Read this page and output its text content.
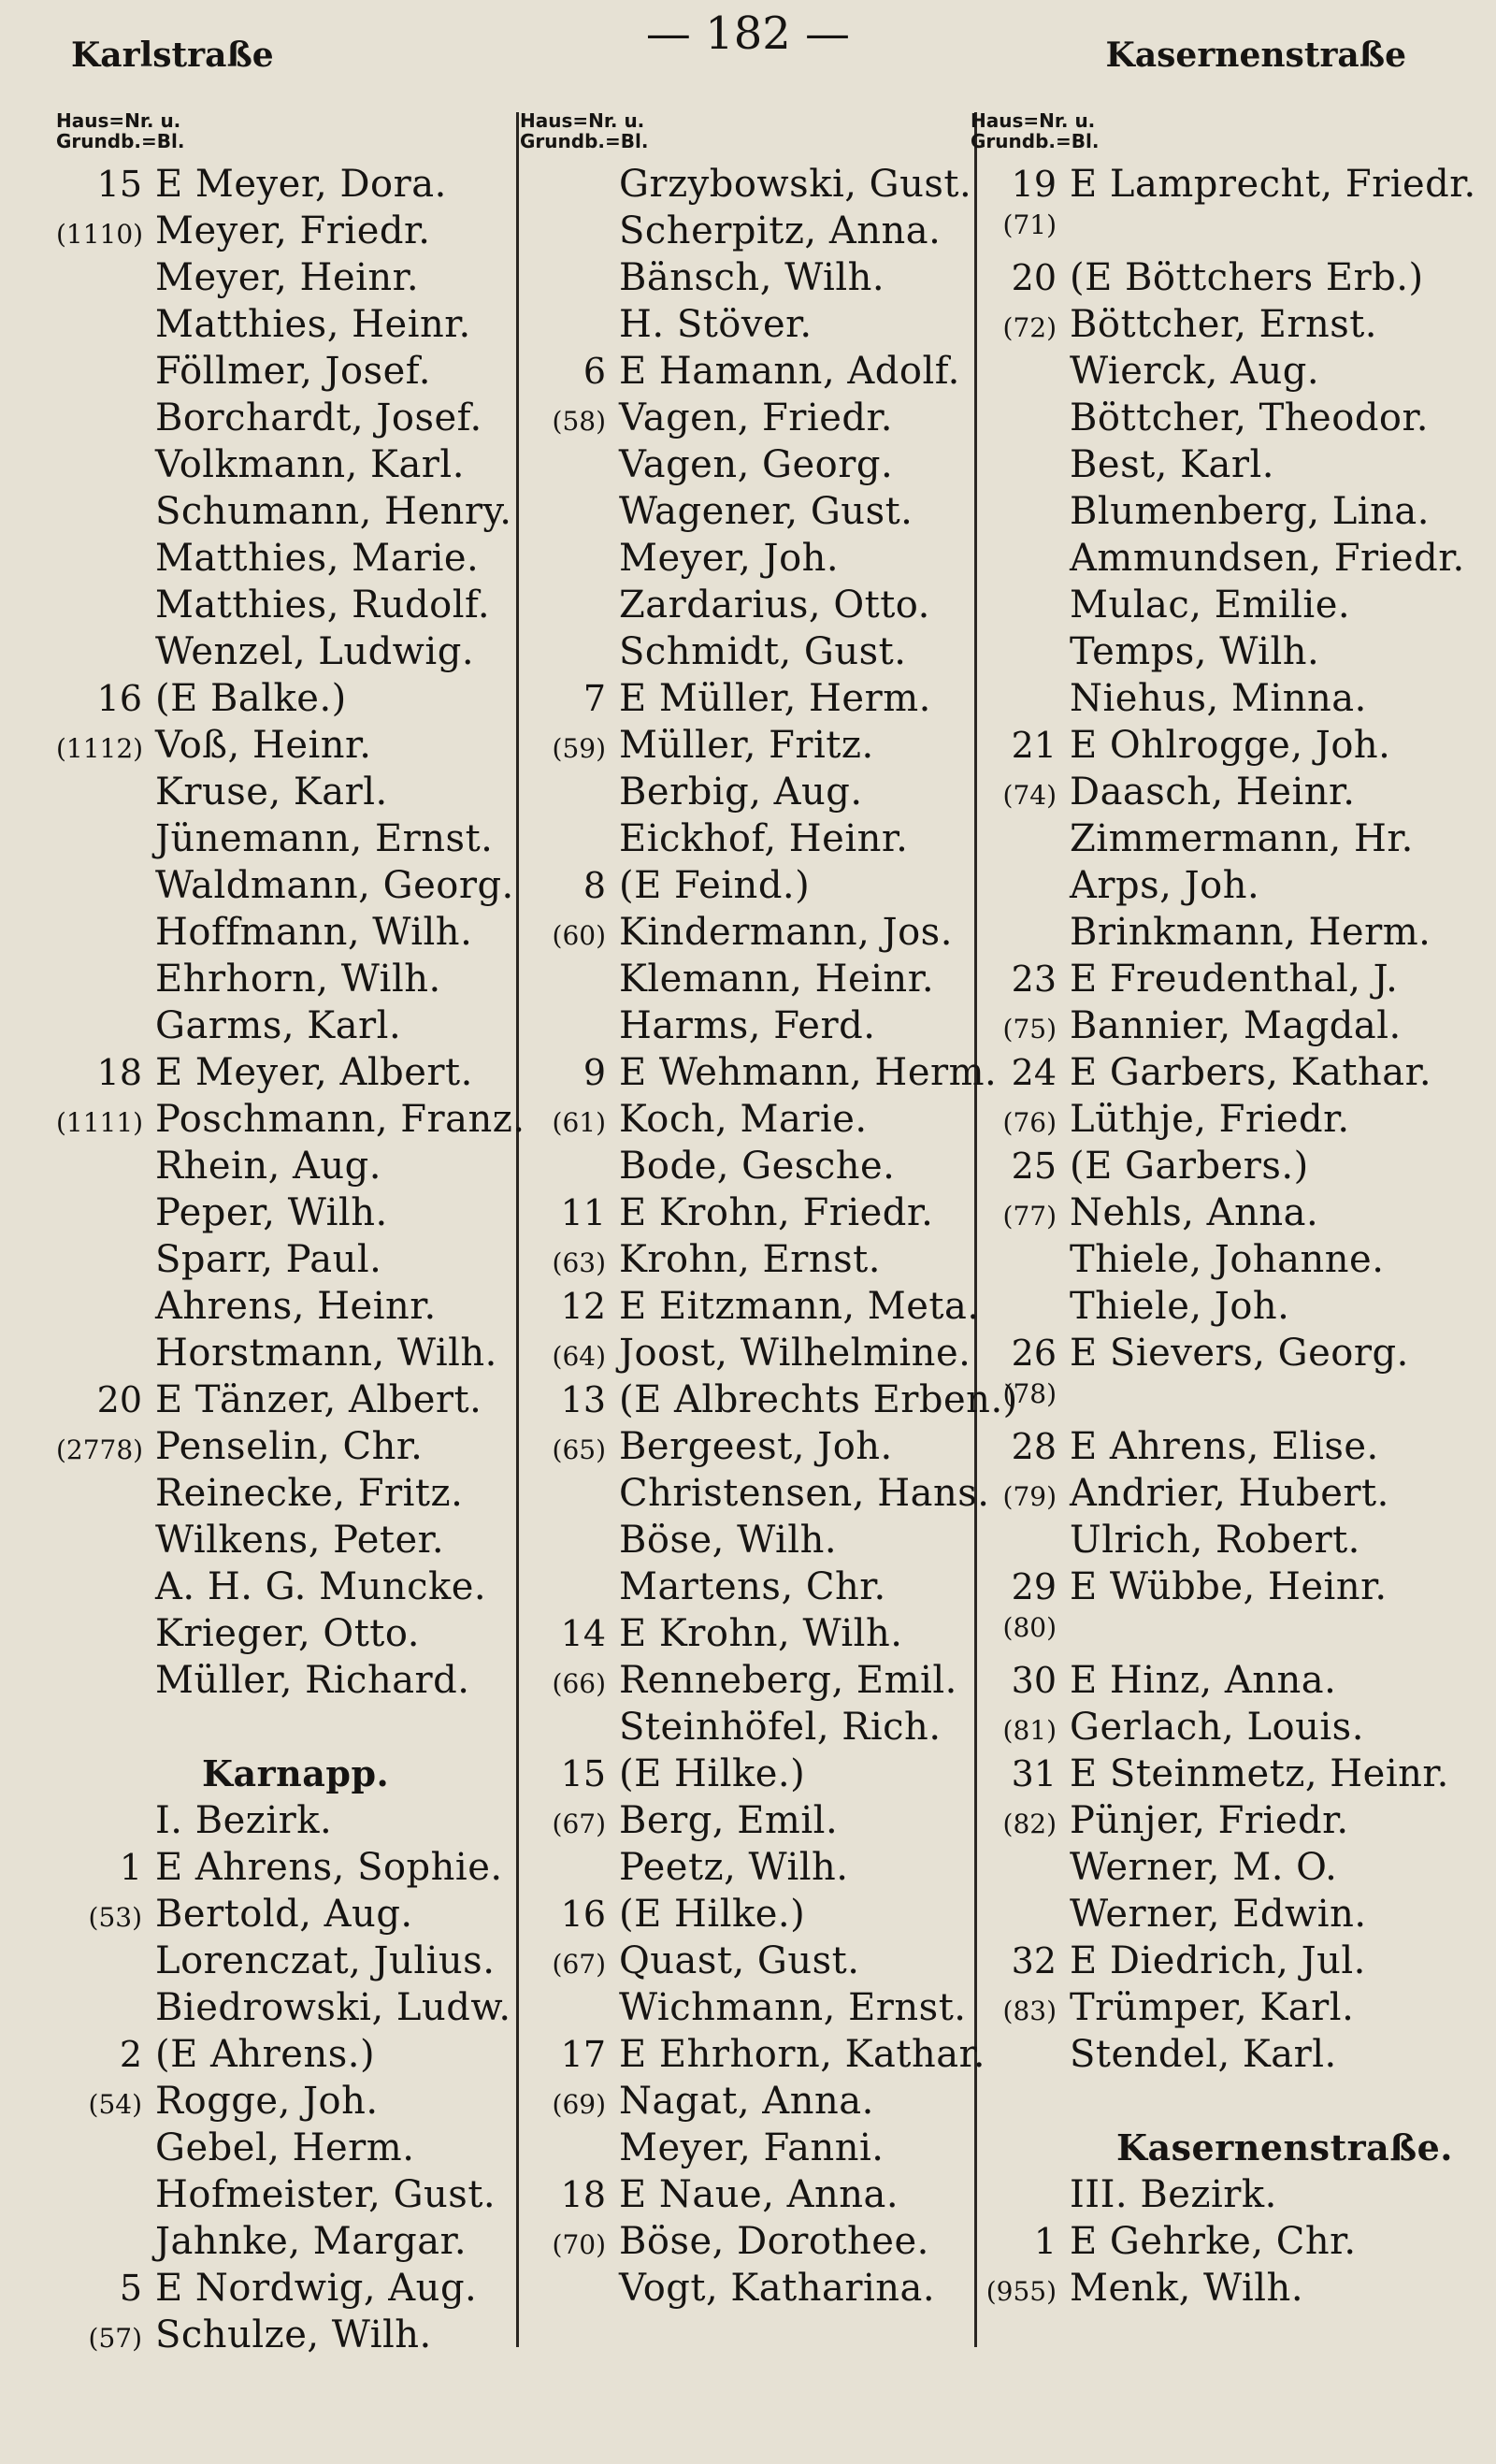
Karlstraße	— 182 —	Kasernenstraße
Haus=Nr. u.
Grundb.=Bl.
15 E Meyer, Dora.
(1110) Meyer, Friedr.
Meyer, Heinr.
Matthies, Heinr.
Föllmer, Josef.
Borchardt, Josef.
Volkmann, Karl.
Schumann, Henry.
Matthies, Marie.
Matthies, Rudolf.
Wenzel, Ludwig.
16 (E Balke.)
(1112) Voß, Heinr.
Kruse, Karl.
Jünemann, Ernst.
Waldmann, Georg.
Hoffmann, Wilh.
Ehrhorn, Wilh.
Garms, Karl.
18 E Meyer, Albert.
(1111) Poschmann, Franz.
Rhein, Aug.
Peper, Wilh.
Sparr, Paul.
Ahrens, Heinr.
Horstmann, Wilh.
20 E Tänzer, Albert.
(2778) Penselin, Chr.
Reinecke, Fritz.
Wilkens, Peter.
A. H. G. Muncke.
Krieger, Otto.
Müller, Richard.
Karnapp.
I. Bezirk.
1 E Ahrens, Sophie.
(53) Bertold, Aug.
Lorenczat, Julius.
Biedrowski, Ludw.
2 (E Ahrens.)
(54) Rogge, Joh.
Gebel, Herm.
Hofmeister, Gust.
Jahnke, Margar.
5 E Nordwig, Aug.
(57) Schulze, Wilh.
Haus=Nr. u.
Grundb.=Bl.
Grzybowski, Gust.
Scherpitz, Anna.
Bänsch, Wilh.
H. Stöver.
6 E Hamann, Adolf.
(58) Vagen, Friedr.
Vagen, Georg.
Wagener, Gust.
Meyer, Joh.
Zardarius, Otto.
Schmidt, Gust.
7 E Müller, Herm.
(59) Müller, Fritz.
Berbig, Aug.
Eickhof, Heinr.
8 (E Feind.)
(60) Kindermann, Jos.
Klemann, Heinr.
Harms, Ferd.
9 E Wehmann, Herm.
(61) Koch, Marie.
Bode, Gesche.
11 E Krohn, Friedr.
(63) Krohn, Ernst.
12 E Eitzmann, Meta.
(64) Joost, Wilhelmine.
13 (E Albrechts Erben.)
(65) Bergeest, Joh.
Christensen, Hans.
Böse, Wilh.
Martens, Chr.
14 E Krohn, Wilh.
(66) Renneberg, Emil.
Steinhöfel, Rich.
15 (E Hilke.)
(67) Berg, Emil.
Peetz, Wilh.
16 (E Hilke.)
(67) Quast, Gust.
Wichmann, Ernst.
17 E Ehrhorn, Kathar.
(69) Nagat, Anna.
Meyer, Fanni.
18 E Naue, Anna.
(70) Böse, Dorothee.
Vogt, Katharina.
Haus=Nr. u.
Grundb.=Bl.
19 E Lamprecht, Friedr.
(71)
20 (E Böttchers Erb.)
(72) Böttcher, Ernst.
Wierck, Aug.
Böttcher, Theodor.
Best, Karl.
Blumenberg, Lina.
Ammundsen, Friedr.
Mulac, Emilie.
Temps, Wilh.
Niehus, Minna.
21 E Ohlrogge, Joh.
(74) Daasch, Heinr.
Zimmermann, Hr.
Arps, Joh.
Brinkmann, Herm.
23 E Freudenthal, J.
(75) Bannier, Magdal.
24 E Garbers, Kathar.
(76) Lüthje, Friedr.
25 (E Garbers.)
(77) Nehls, Anna.
Thiele, Johanne.
Thiele, Joh.
26 E Sievers, Georg.
(78)
28 E Ahrens, Elise.
(79) Andrier, Hubert.
Ulrich, Robert.
29 E Wübbe, Heinr.
(80)
30 E Hinz, Anna.
(81) Gerlach, Louis.
31 E Steinmetz, Heinr.
(82) Pünjer, Friedr.
Werner, M. O.
Werner, Edwin.
32 E Diedrich, Jul.
(83) Trümper, Karl.
Stendel, Karl.
Kasernenstraße.
III. Bezirk.
1 E Gehrke, Chr.
(955) Menk, Wilh.
